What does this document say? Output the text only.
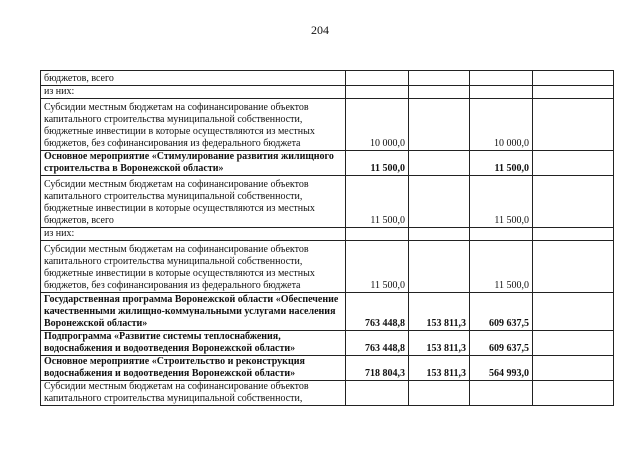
204
бюджетов, всего				
из них:				
Субсидии местным бюджетам на софинансирование объектов капитального строительства муниципальной собственности, бюджетные инвестиции в которые осуществляются из местных бюджетов, без софинансирования из федерального бюджета	10 000,0		10 000,0	
Основное мероприятие «Стимулирование развития жилищного строительства в Воронежской области»	11 500,0		11 500,0	
Субсидии местным бюджетам на софинансирование объектов капитального строительства муниципальной собственности, бюджетные инвестиции в которые осуществляются из местных бюджетов, всего	11 500,0		11 500,0	
из них:				
Субсидии местным бюджетам на софинансирование объектов капитального строительства муниципальной собственности, бюджетные инвестиции в которые осуществляются из местных бюджетов, без софинансирования из федерального бюджета	11 500,0		11 500,0	
Государственная программа Воронежской области «Обеспечение качественными жилищно-коммунальными услугами населения Воронежской области»	763 448,8	153 811,3	609 637,5	
Подпрограмма «Развитие системы теплоснабжения, водоснабжения и водоотведения Воронежской области»	763 448,8	153 811,3	609 637,5	
Основное мероприятие «Строительство и реконструкция водоснабжения и водоотведения Воронежской области»	718 804,3	153 811,3	564 993,0	
Субсидии местным бюджетам на софинансирование объектов капитального строительства муниципальной собственности,				
